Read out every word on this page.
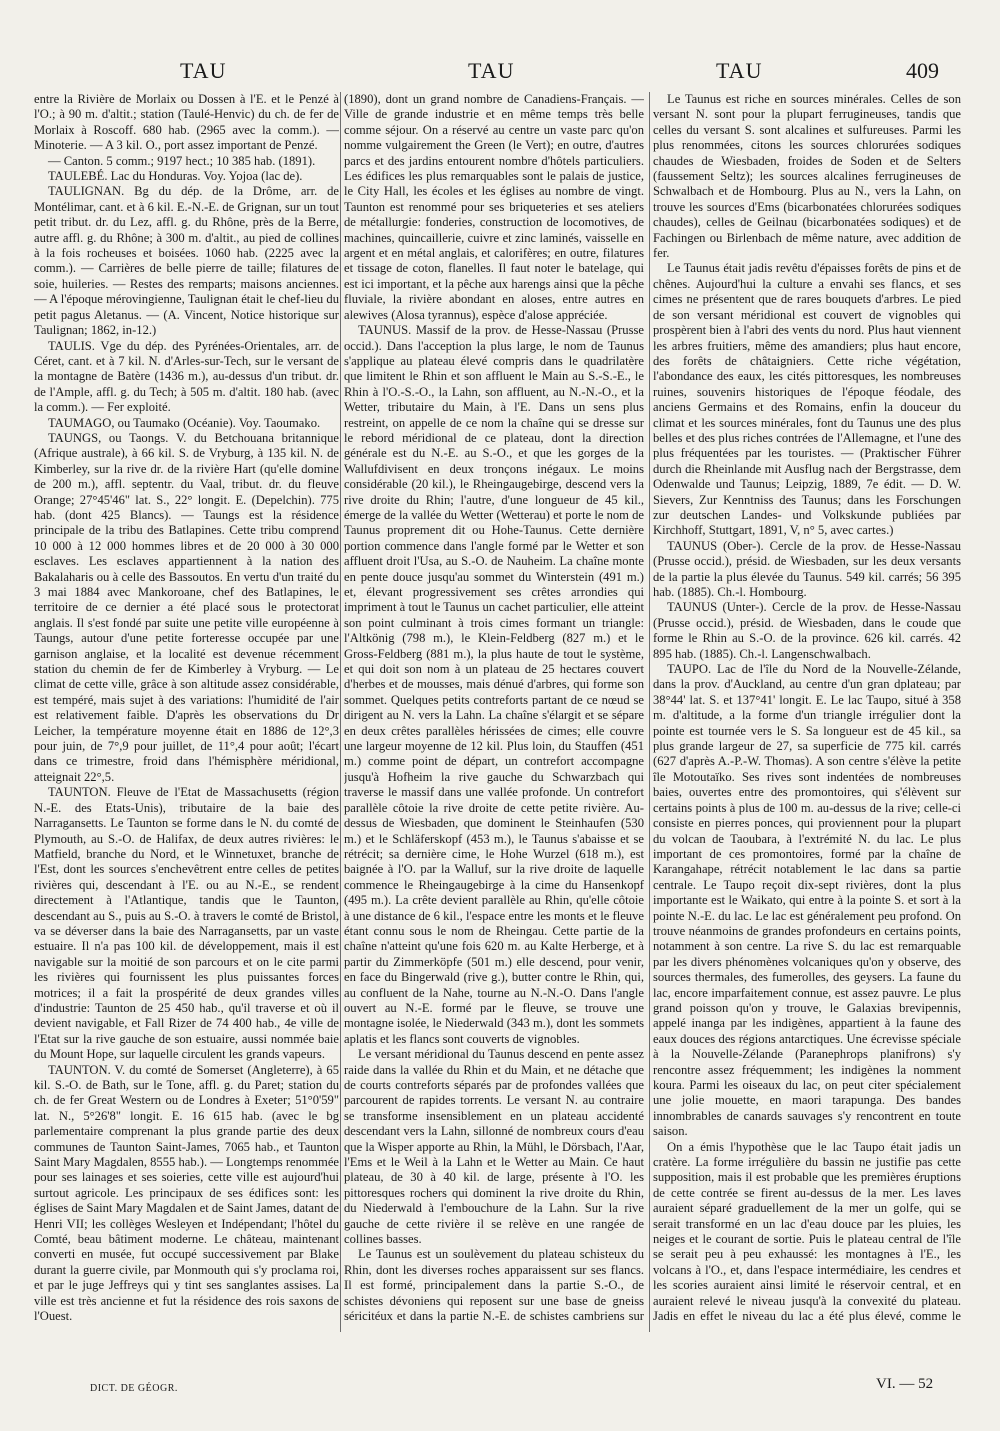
TAU	TAU	TAU	409

entre la Rivière de Morlaix ou Dossen à l'E. et le Penzé à l'O.; à 90 m. d'altit.; station (Taulé-Henvic) du ch. de fer de Morlaix à Roscoff. 680 hab. (2965 avec la comm.). — Minoterie. — A 3 kil. O., port assez important de Penzé.

— Canton. 5 comm.; 9197 hect.; 10 385 hab. (1891).

TAULEBÉ. Lac du Honduras. Voy. Yojoa (lac de).

TAULIGNAN. Bg du dép. de la Drôme, arr. de Montélimar, cant. et à 6 kil. E.-N.-E. de Grignan, sur un tout petit tribut. dr. du Lez, affl. g. du Rhône, près de la Berre, autre affl. g. du Rhône; à 300 m. d'altit., au pied de collines à la fois rocheuses et boisées. 1060 hab. (2225 avec la comm.). — Carrières de belle pierre de taille; filatures de soie, huileries. — Restes des remparts; maisons anciennes. — A l'époque mérovingienne, Taulignan était le chef-lieu du petit pagus Aletanus. — (A. Vincent, Notice historique sur Taulignan; 1862, in-12.)

TAULIS. Vge du dép. des Pyrénées-Orientales, arr. de Céret, cant. et à 7 kil. N. d'Arles-sur-Tech, sur le versant de la montagne de Batère (1436 m.), au-dessus d'un tribut. dr. de l'Ample, affl. g. du Tech; à 505 m. d'altit. 180 hab. (avec la comm.). — Fer exploité.

TAUMAGO, ou Taumako (Océanie). Voy. Taoumako.

TAUNGS, ou Taongs. V. du Betchouana britannique (Afrique australe), à 66 kil. S. de Vryburg, à 135 kil. N. de Kimberley, sur la rive dr. de la rivière Hart (qu'elle domine de 200 m.), affl. septentr. du Vaal, tribut. dr. du fleuve Orange; 27°45'46" lat. S., 22° longit. E. (Depelchin). 775 hab. (dont 425 Blancs). — Taungs est la résidence principale de la tribu des Batlapines. Cette tribu comprend 10 000 à 12 000 hommes libres et de 20 000 à 30 000 esclaves. Les esclaves appartiennent à la nation des Bakalaharis ou à celle des Bassoutos. En vertu d'un traité du 3 mai 1884 avec Mankoroane, chef des Batlapines, le territoire de ce dernier a été placé sous le protectorat anglais. Il s'est fondé par suite une petite ville européenne à Taungs, autour d'une petite forteresse occupée par une garnison anglaise, et la localité est devenue récemment station du chemin de fer de Kimberley à Vryburg. — Le climat de cette ville, grâce à son altitude assez considérable, est tempéré, mais sujet à des variations: l'humidité de l'air est relativement faible. D'après les observations du Dr Leicher, la température moyenne était en 1886 de 12°,3 pour juin, de 7°,9 pour juillet, de 11°,4 pour août; l'écart dans ce trimestre, froid dans l'hémisphère méridional, atteignait 22°,5.

TAUNTON. Fleuve de l'Etat de Massachusetts (région N.-E. des Etats-Unis), tributaire de la baie des Narragansetts. Le Taunton se forme dans le N. du comté de Plymouth, au S.-O. de Halifax, de deux autres rivières: le Matfield, branche du Nord, et le Winnetuxet, branche de l'Est, dont les sources s'enchevêtrent entre celles de petites rivières qui, descendant à l'E. ou au N.-E., se rendent directement à l'Atlantique, tandis que le Taunton, descendant au S., puis au S.-O. à travers le comté de Bristol, va se déverser dans la baie des Narragansetts, par un vaste estuaire. Il n'a pas 100 kil. de développement, mais il est navigable sur la moitié de son parcours et on le cite parmi les rivières qui fournissent les plus puissantes forces motrices; il a fait la prospérité de deux grandes villes d'industrie: Taunton de 25 450 hab., qu'il traverse et où il devient navigable, et Fall Rizer de 74 400 hab., 4e ville de l'Etat sur la rive gauche de son estuaire, aussi nommée baie du Mount Hope, sur laquelle circulent les grands vapeurs.

TAUNTON. V. du comté de Somerset (Angleterre), à 65 kil. S.-O. de Bath, sur le Tone, affl. g. du Paret; station du ch. de fer Great Western ou de Londres à Exeter; 51°0'59" lat. N., 5°26'8" longit. E. 16 615 hab. (avec le bg parlementaire comprenant la plus grande partie des deux communes de Taunton Saint-James, 7065 hab., et Taunton Saint Mary Magdalen, 8555 hab.). — Longtemps renommée pour ses lainages et ses soieries, cette ville est aujourd'hui surtout agricole. Les principaux de ses édifices sont: les églises de Saint Mary Magdalen et de Saint James, datant de Henri VII; les collèges Wesleyen et Indépendant; l'hôtel du Comté, beau bâtiment moderne. Le château, maintenant converti en musée, fut occupé successivement par Blake durant la guerre civile, par Monmouth qui s'y proclama roi, et par le juge Jeffreys qui y tint ses sanglantes assises. La ville est très ancienne et fut la résidence des rois saxons de l'Ouest.

(1890), dont un grand nombre de Canadiens-Français. — Ville de grande industrie et en même temps très belle comme séjour. On a réservé au centre un vaste parc qu'on nomme vulgairement the Green (le Vert); en outre, d'autres parcs et des jardins entourent nombre d'hôtels particuliers. Les édifices les plus remarquables sont le palais de justice, le City Hall, les écoles et les églises au nombre de vingt. Taunton est renommé pour ses briqueteries et ses ateliers de métallurgie: fonderies, construction de locomotives, de machines, quincaillerie, cuivre et zinc laminés, vaisselle en argent et en métal anglais, et calorifères; en outre, filatures et tissage de coton, flanelles. Il faut noter le batelage, qui est ici important, et la pêche aux harengs ainsi que la pêche fluviale, la rivière abondant en aloses, entre autres en alewives (Alosa tyrannus), espèce d'alose appréciée.

TAUNUS. Massif de la prov. de Hesse-Nassau (Prusse occid.). Dans l'acception la plus large, le nom de Taunus s'applique au plateau élevé compris dans le quadrilatère que limitent le Rhin et son affluent le Main au S.-S.-E., le Rhin à l'O.-S.-O., la Lahn, son affluent, au N.-N.-O., et la Wetter, tributaire du Main, à l'E. Dans un sens plus restreint, on appelle de ce nom la chaîne qui se dresse sur le rebord méridional de ce plateau, dont la direction générale est du N.-E. au S.-O., et que les gorges de la Wallufdivisent en deux tronçons inégaux. Le moins considérable (20 kil.), le Rheingaugebirge, descend vers la rive droite du Rhin; l'autre, d'une longueur de 45 kil., émerge de la vallée du Wetter (Wetterau) et porte le nom de Taunus proprement dit ou Hohe-Taunus. Cette dernière portion commence dans l'angle formé par le Wetter et son affluent droit l'Usa, au S.-O. de Nauheim. La chaîne monte en pente douce jusqu'au sommet du Winterstein (491 m.) et, élevant progressivement ses crêtes arrondies qui impriment à tout le Taunus un cachet particulier, elle atteint son point culminant à trois cimes formant un triangle: l'Altkönig (798 m.), le Klein-Feldberg (827 m.) et le Gross-Feldberg (881 m.), la plus haute de tout le système, et qui doit son nom à un plateau de 25 hectares couvert d'herbes et de mousses, mais dénué d'arbres, qui forme son sommet. Quelques petits contreforts partant de ce nœud se dirigent au N. vers la Lahn. La chaîne s'élargit et se sépare en deux crêtes parallèles hérissées de cimes; elle couvre une largeur moyenne de 12 kil. Plus loin, du Stauffen (451 m.) comme point de départ, un contrefort accompagne jusqu'à Hofheim la rive gauche du Schwarzbach qui traverse le massif dans une vallée profonde. Un contrefort parallèle côtoie la rive droite de cette petite rivière. Au-dessus de Wiesbaden, que dominent le Steinhaufen (530 m.) et le Schläferskopf (453 m.), le Taunus s'abaisse et se rétrécit; sa dernière cime, le Hohe Wurzel (618 m.), est baignée à l'O. par la Walluf, sur la rive droite de laquelle commence le Rheingaugebirge à la cime du Hansenkopf (495 m.). La crête devient parallèle au Rhin, qu'elle côtoie à une distance de 6 kil., l'espace entre les monts et le fleuve étant connu sous le nom de Rheingau. Cette partie de la chaîne n'atteint qu'une fois 620 m. au Kalte Herberge, et à partir du Zimmerköpfe (501 m.) elle descend, pour venir, en face du Bingerwald (rive g.), butter contre le Rhin, qui, au confluent de la Nahe, tourne au N.-N.-O. Dans l'angle ouvert au N.-E. formé par le fleuve, se trouve une montagne isolée, le Niederwald (343 m.), dont les sommets aplatis et les flancs sont couverts de vignobles.

Le versant méridional du Taunus descend en pente assez raide dans la vallée du Rhin et du Main, et ne détache que de courts contreforts séparés par de profondes vallées que parcourent de rapides torrents. Le versant N. au contraire se transforme insensiblement en un plateau accidenté descendant vers la Lahn, sillonné de nombreux cours d'eau que la Wisper apporte au Rhin, la Mühl, le Dörsbach, l'Aar, l'Ems et le Weil à la Lahn et le Wetter au Main. Ce haut plateau, de 30 à 40 kil. de large, présente à l'O. les pittoresques rochers qui dominent la rive droite du Rhin, du Niederwald à l'embouchure de la Lahn. Sur la rive gauche de cette rivière il se relève en une rangée de collines basses.

Le Taunus est un soulèvement du plateau schisteux du Rhin, dont les diverses roches apparaissent sur ses flancs. Il est formé, principalement dans la partie S.-O., de schistes dévoniens qui reposent sur une base de gneiss séricitéux et dans la partie N.-E. de schistes cambriens sur

Le Taunus est riche en sources minérales. Celles de son versant N. sont pour la plupart ferrugineuses, tandis que celles du versant S. sont alcalines et sulfureuses. Parmi les plus renommées, citons les sources chlorurées sodiques chaudes de Wiesbaden, froides de Soden et de Selters (faussement Seltz); les sources alcalines ferrugineuses de Schwalbach et de Hombourg. Plus au N., vers la Lahn, on trouve les sources d'Ems (bicarbonatées chlorurées sodiques chaudes), celles de Geilnau (bicarbonatées sodiques) et de Fachingen ou Birlenbach de même nature, avec addition de fer.

Le Taunus était jadis revêtu d'épaisses forêts de pins et de chênes. Aujourd'hui la culture a envahi ses flancs, et ses cimes ne présentent que de rares bouquets d'arbres. Le pied de son versant méridional est couvert de vignobles qui prospèrent bien à l'abri des vents du nord. Plus haut viennent les arbres fruitiers, même des amandiers; plus haut encore, des forêts de châtaigniers. Cette riche végétation, l'abondance des eaux, les cités pittoresques, les nombreuses ruines, souvenirs historiques de l'époque féodale, des anciens Germains et des Romains, enfin la douceur du climat et les sources minérales, font du Taunus une des plus belles et des plus riches contrées de l'Allemagne, et l'une des plus fréquentées par les touristes. — (Praktischer Führer durch die Rheinlande mit Ausflug nach der Bergstrasse, dem Odenwalde und Taunus; Leipzig, 1889, 7e édit. — D. W. Sievers, Zur Kenntniss des Taunus; dans les Forschungen zur deutschen Landes- und Volkskunde publiées par Kirchhoff, Stuttgart, 1891, V, n° 5, avec cartes.)

TAUNUS (Ober-). Cercle de la prov. de Hesse-Nassau (Prusse occid.), présid. de Wiesbaden, sur les deux versants de la partie la plus élevée du Taunus. 549 kil. carrés; 56 395 hab. (1885). Ch.-l. Hombourg.

TAUNUS (Unter-). Cercle de la prov. de Hesse-Nassau (Prusse occid.), présid. de Wiesbaden, dans le coude que forme le Rhin au S.-O. de la province. 626 kil. carrés. 42 895 hab. (1885). Ch.-l. Langenschwalbach.

TAUPO. Lac de l'île du Nord de la Nouvelle-Zélande, dans la prov. d'Auckland, au centre d'un gran dplateau; par 38°44' lat. S. et 137°41' longit. E. Le lac Taupo, situé à 358 m. d'altitude, a la forme d'un triangle irrégulier dont la pointe est tournée vers le S. Sa longueur est de 45 kil., sa plus grande largeur de 27, sa superficie de 775 kil. carrés (627 d'après A.-P.-W. Thomas). A son centre s'élève la petite île Motoutaïko. Ses rives sont indentées de nombreuses baies, ouvertes entre des promontoires, qui s'élèvent sur certains points à plus de 100 m. au-dessus de la rive; celle-ci consiste en pierres ponces, qui proviennent pour la plupart du volcan de Taoubara, à l'extrémité N. du lac. Le plus important de ces promontoires, formé par la chaîne de Karangahape, rétrécit notablement le lac dans sa partie centrale. Le Taupo reçoit dix-sept rivières, dont la plus importante est le Waikato, qui entre à la pointe S. et sort à la pointe N.-E. du lac. Le lac est généralement peu profond. On trouve néanmoins de grandes profondeurs en certains points, notamment à son centre. La rive S. du lac est remarquable par les divers phénomènes volcaniques qu'on y observe, des sources thermales, des fumerolles, des geysers. La faune du lac, encore imparfaitement connue, est assez pauvre. Le plus grand poisson qu'on y trouve, le Galaxias brevipennis, appelé inanga par les indigènes, appartient à la faune des eaux douces des régions antarctiques. Une écrevisse spéciale à la Nouvelle-Zélande (Paranephrops planifrons) s'y rencontre assez fréquemment; les indigènes la nomment koura. Parmi les oiseaux du lac, on peut citer spécialement une jolie mouette, en maori tarapunga. Des bandes innombrables de canards sauvages s'y rencontrent en toute saison.

On a émis l'hypothèse que le lac Taupo était jadis un cratère. La forme irrégulière du bassin ne justifie pas cette supposition, mais il est probable que les premières éruptions de cette contrée se firent au-dessus de la mer. Les laves auraient séparé graduellement de la mer un golfe, qui se serait transformé en un lac d'eau douce par les pluies, les neiges et le courant de sortie. Puis le plateau central de l'île se serait peu à peu exhaussé: les montagnes à l'E., les volcans à l'O., et, dans l'espace intermédiaire, les cendres et les scories auraient ainsi limité le réservoir central, et en auraient relevé le niveau jusqu'à la convexité du plateau. Jadis en effet le niveau du lac a été plus élevé, comme le

DICT. DE GÉOGR.	VI. — 52
